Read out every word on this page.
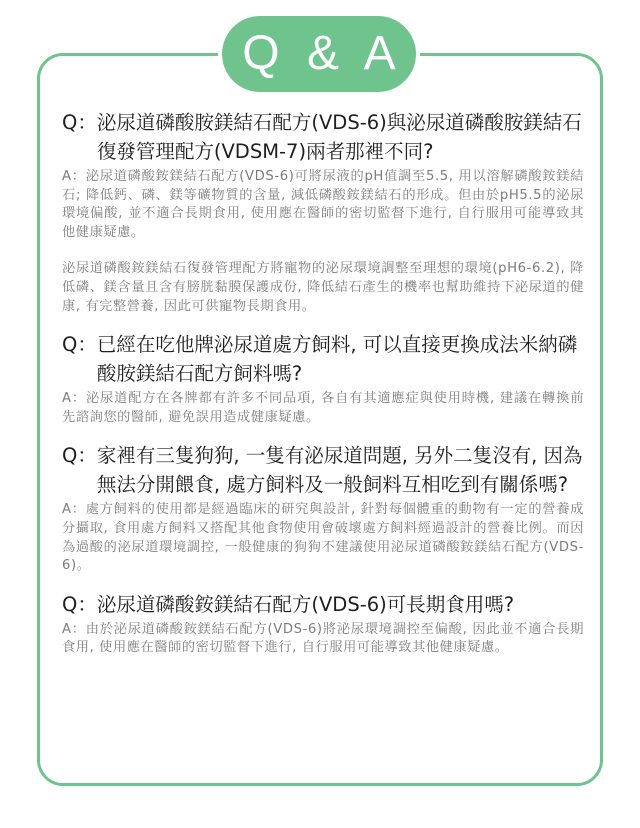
Q & A
Q： 泌尿道磷酸胺鎂結石配方(VDS-6)與泌尿道磷酸胺鎂結石復發管理配方(VDSM-7)兩者那裡不同?

A：泌尿道磷酸銨鎂結石配方(VDS-6)可將尿液的pH值調至5.5, 用以溶解磷酸銨鎂結石; 降低鈣、磷、鎂等礦物質的含量, 減低磷酸銨鎂結石的形成。但由於pH5.5的泌尿環境偏酸, 並不適合長期食用, 使用應在醫師的密切監督下進行, 自行服用可能導致其他健康疑慮。

泌尿道磷酸銨鎂結石復發管理配方將寵物的泌尿環境調整至理想的環境(pH6-6.2), 降低磷、鎂含量且含有膀胱黏膜保護成份, 降低結石產生的機率也幫助維持下泌尿道的健康, 有完整營養, 因此可供寵物長期食用。

Q： 已經在吃他牌泌尿道處方飼料, 可以直接更換成法米納磷酸胺鎂結石配方飼料嗎?

A：泌尿道配方在各牌都有許多不同品項, 各自有其適應症與使用時機, 建議在轉換前先諮詢您的醫師, 避免誤用造成健康疑慮。

Q： 家裡有三隻狗狗, 一隻有泌尿道問題, 另外二隻沒有, 因為無法分開餵食, 處方飼料及一般飼料互相吃到有關係嗎?

A：處方飼料的使用都是經過臨床的研究與設計, 針對每個體重的動物有一定的營養成分攝取, 食用處方飼料又搭配其他食物使用會破壞處方飼料經過設計的營養比例。而因為過酸的泌尿道環境調控, 一般健康的狗狗不建議使用泌尿道磷酸銨鎂結石配方(VDS-6)。

Q： 泌尿道磷酸銨鎂結石配方(VDS-6)可長期食用嗎?

A：由於泌尿道磷酸銨鎂結石配方(VDS-6)將泌尿環境調控至偏酸, 因此並不適合長期食用, 使用應在醫師的密切監督下進行, 自行服用可能導致其他健康疑慮。
